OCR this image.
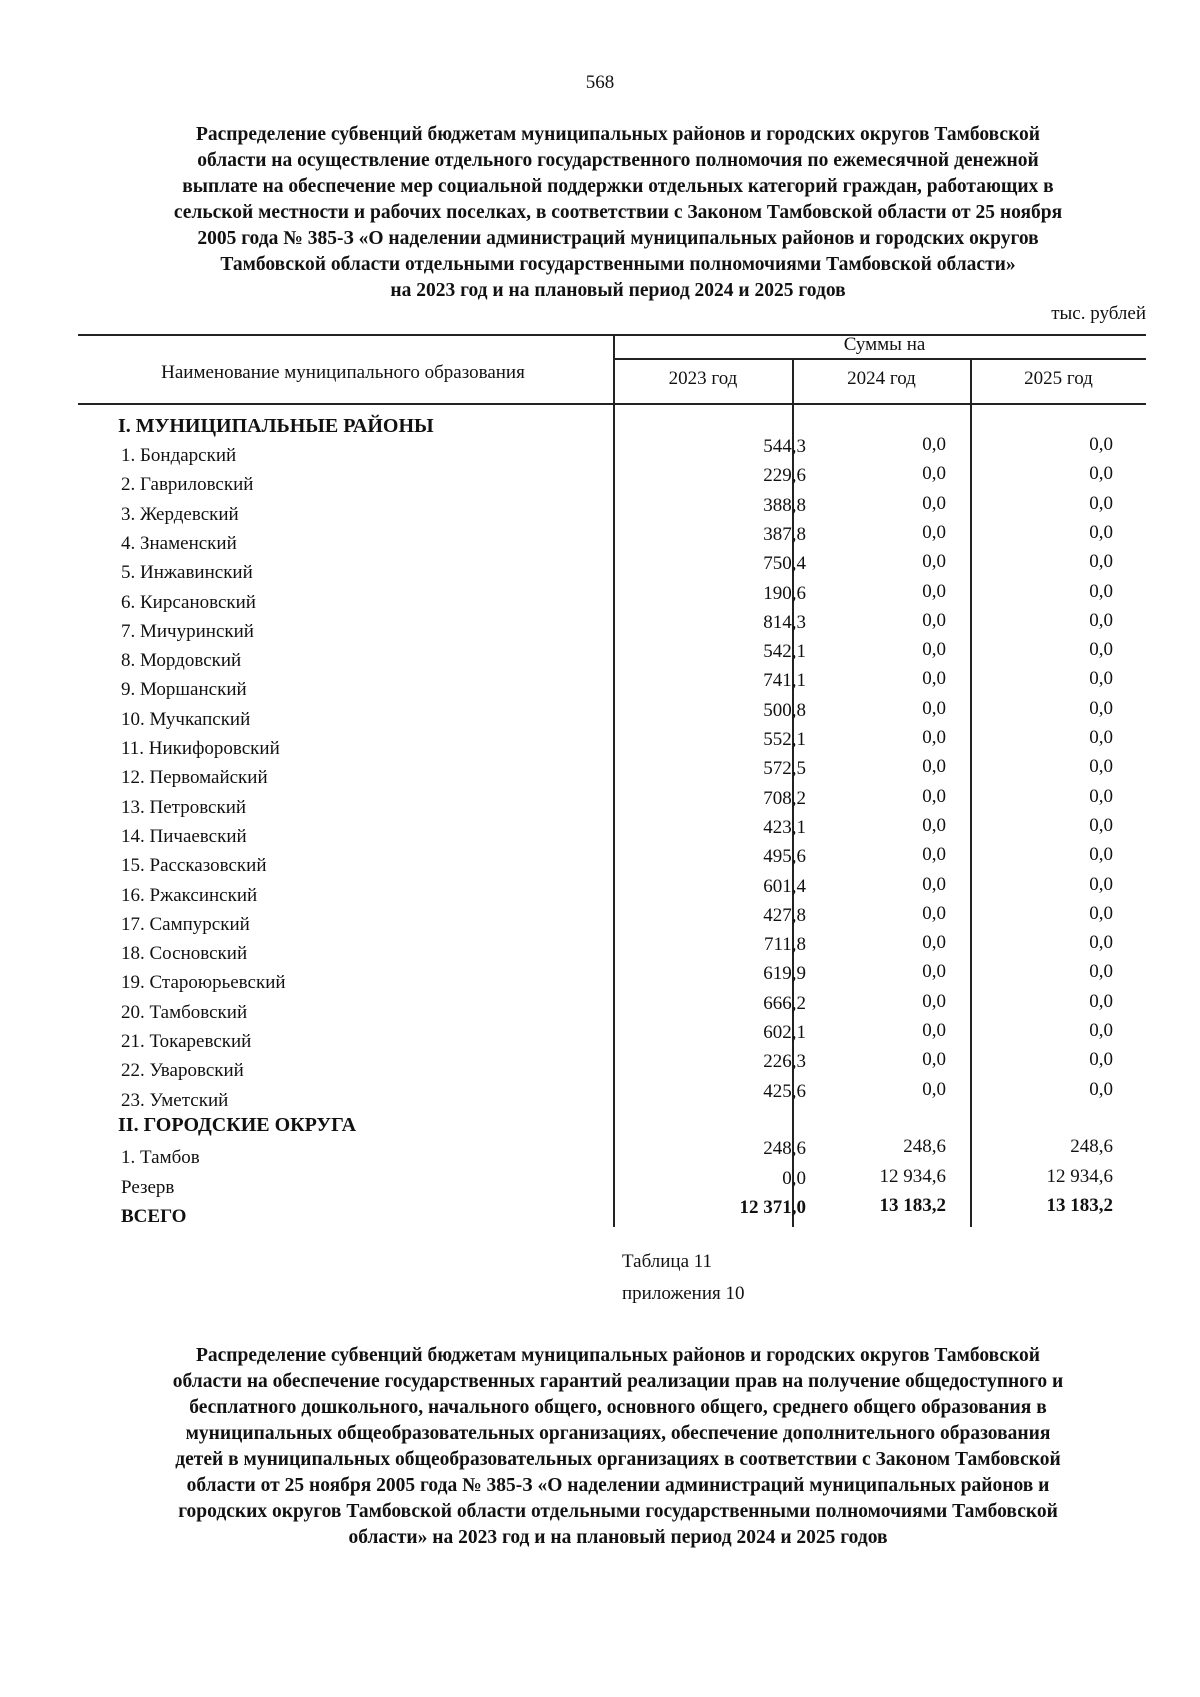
568
Распределение субвенций бюджетам муниципальных районов и городских округов Тамбовской
области на осуществление отдельного государственного полномочия по ежемесячной денежной
выплате на обеспечение мер социальной поддержки отдельных категорий граждан, работающих в
сельской местности и рабочих поселках, в соответствии с Законом Тамбовской области от 25 ноября
2005 года № 385-З «О наделении администраций муниципальных районов и городских округов
Тамбовской области отдельными государственными полномочиями Тамбовской области»
на 2023 год и на плановый период 2024 и 2025 годов
тыс. рублей
Наименование муниципального образования
Суммы на
2023 год	2024 год	2025 год
I. МУНИЦИПАЛЬНЫЕ РАЙОНЫ
1. Бондарский	544,3	0,0	0,0
2. Гавриловский	229,6	0,0	0,0
3. Жердевский	388,8	0,0	0,0
4. Знаменский	387,8	0,0	0,0
5. Инжавинский	750,4	0,0	0,0
6. Кирсановский	190,6	0,0	0,0
7. Мичуринский	814,3	0,0	0,0
8. Мордовский	542,1	0,0	0,0
9. Моршанский	741,1	0,0	0,0
10. Мучкапский	500,8	0,0	0,0
11. Никифоровский	552,1	0,0	0,0
12. Первомайский	572,5	0,0	0,0
13. Петровский	708,2	0,0	0,0
14. Пичаевский	423,1	0,0	0,0
15. Рассказовский	495,6	0,0	0,0
16. Ржаксинский	601,4	0,0	0,0
17. Сампурский	427,8	0,0	0,0
18. Сосновский	711,8	0,0	0,0
19. Староюрьевский	619,9	0,0	0,0
20. Тамбовский	666,2	0,0	0,0
21. Токаревский	602,1	0,0	0,0
22. Уваровский	226,3	0,0	0,0
23. Уметский	425,6	0,0	0,0
II. ГОРОДСКИЕ ОКРУГА
1. Тамбов	248,6	248,6	248,6
Резерв	0,0	12 934,6	12 934,6
ВСЕГО	12 371,0	13 183,2	13 183,2
Таблица 11
приложения 10
Распределение субвенций бюджетам муниципальных районов и городских округов Тамбовской
области на обеспечение государственных гарантий реализации прав на получение общедоступного и
бесплатного дошкольного, начального общего, основного общего, среднего общего образования в
муниципальных общеобразовательных организациях, обеспечение дополнительного образования
детей в муниципальных общеобразовательных организациях в соответствии с Законом Тамбовской
области от 25 ноября 2005 года № 385-З «О наделении администраций муниципальных районов и
городских округов Тамбовской области отдельными государственными полномочиями Тамбовской
области» на 2023 год и на плановый период 2024 и 2025 годов
